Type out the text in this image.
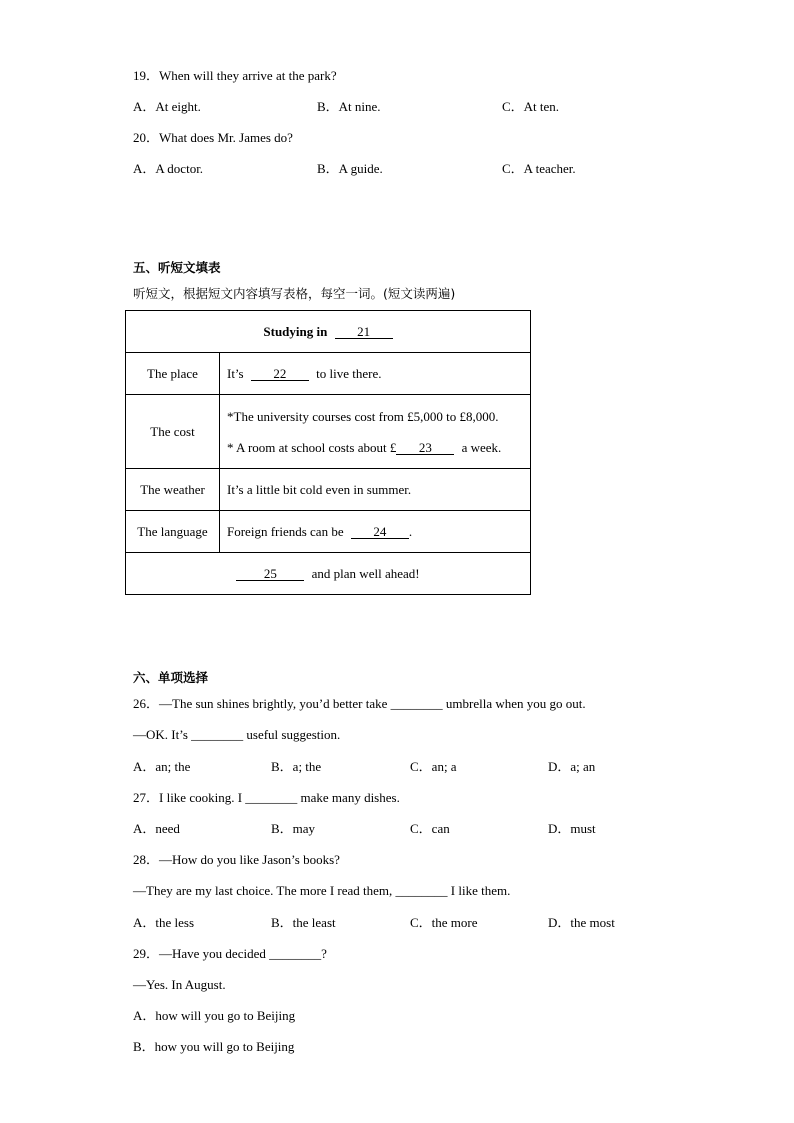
19．When will they arrive at the park?
A．At eight.	B．At nine.	C．At ten.
20．What does Mr. James do?
A．A doctor.	B．A guide.	C．A teacher.
五、听短文填表
听短文，根据短文内容填写表格，每空一词。(短文读两遍)
Studying in 21	
The place	It’s 22 to live there.
The cost	*The university courses cost from £5,000 to £8,000.
* A room at school costs about £ 23 a week.

The weather	It’s a little bit cold even in summer.
The language	Foreign friends can be 24 .
25 and plan well ahead!	
六、单项选择
26．—The sun shines brightly, you’d better take ________ umbrella when you go out.
—OK. It’s ________ useful suggestion.
A．an; the	B．a; the	C．an; a	D．a; an
27．I like cooking. I ________ make many dishes.
A．need	B．may	C．can	D．must
28．—How do you like Jason’s books?
—They are my last choice. The more I read them, ________ I like them.
A．the less	B．the least	C．the more	D．the most
29．—Have you decided ________?
—Yes. In August.
A．how will you go to Beijing
B．how you will go to Beijing
